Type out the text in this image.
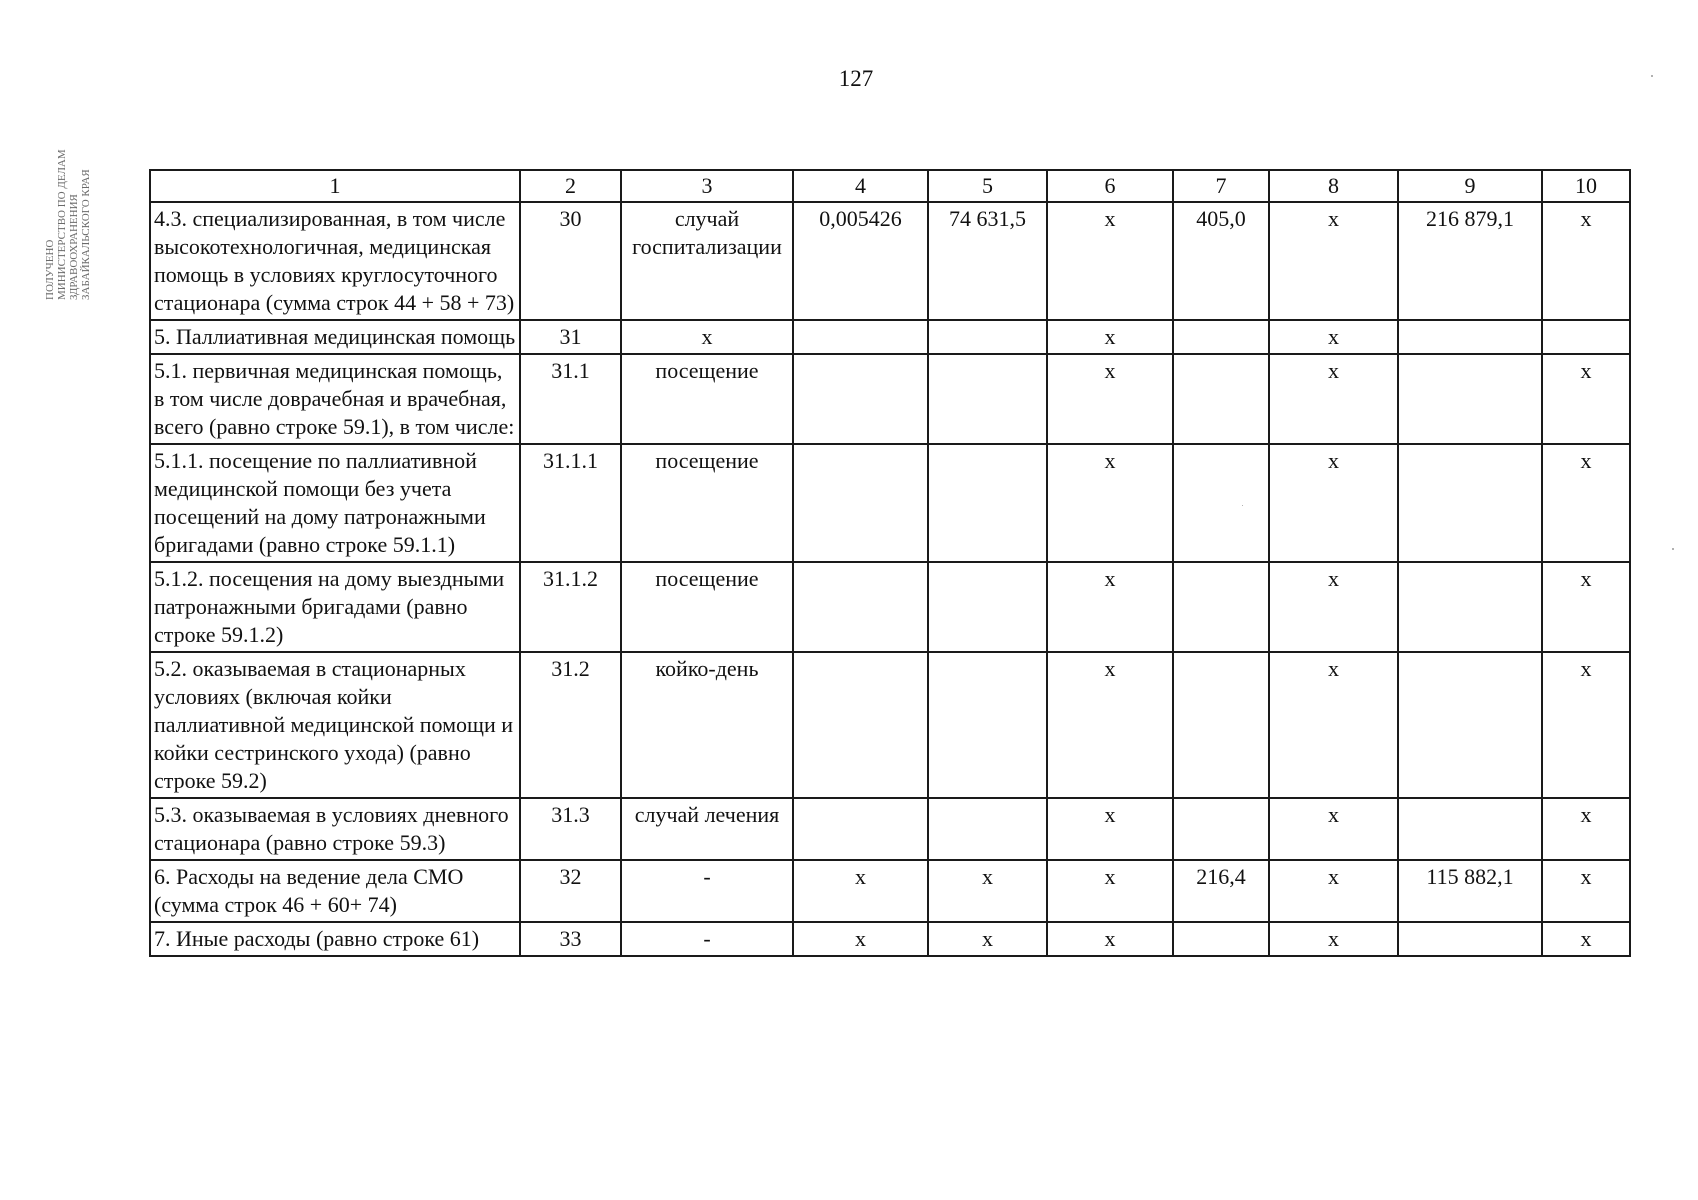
127
ПОЛУЧЕНО МИНИСТЕРСТВО ПО ДЕЛАМ ЗДРАВООХРАНЕНИЯ ЗАБАЙКАЛЬСКОГО КРАЯ	1	2	3	4	5	6	7	8	9	10
4.3. специализированная, в том числе высокотехнологичная, медицинская помощь в условиях круглосуточного стационара (сумма строк 44 + 58 + 73)	30	случай госпитализации	0,005426	74 631,5	х	405,0	х	216 879,1	х
5. Паллиативная медицинская помощь	31	х			х		х		
5.1. первичная медицинская помощь, в том числе доврачебная и врачебная, всего (равно строке 59.1), в том числе:	31.1	посещение			х		х		х
5.1.1. посещение по паллиативной медицинской помощи без учета посещений на дому патронажными бригадами (равно строке 59.1.1)	31.1.1	посещение			х		х		х
5.1.2. посещения на дому выездными патронажными бригадами (равно строке 59.1.2)	31.1.2	посещение			х		х		х
5.2. оказываемая в стационарных условиях (включая койки паллиативной медицинской помощи и койки сестринского ухода) (равно строке 59.2)	31.2	койко-день			х		х		х
5.3. оказываемая в условиях дневного стационара (равно строке 59.3)	31.3	случай лечения			х		х		х
6. Расходы на ведение дела СМО (сумма строк 46 + 60+ 74)	32	-	х	х	х	216,4	х	115 882,1	х
7. Иные расходы (равно строке 61)	33	-	х	х	х		х		х
